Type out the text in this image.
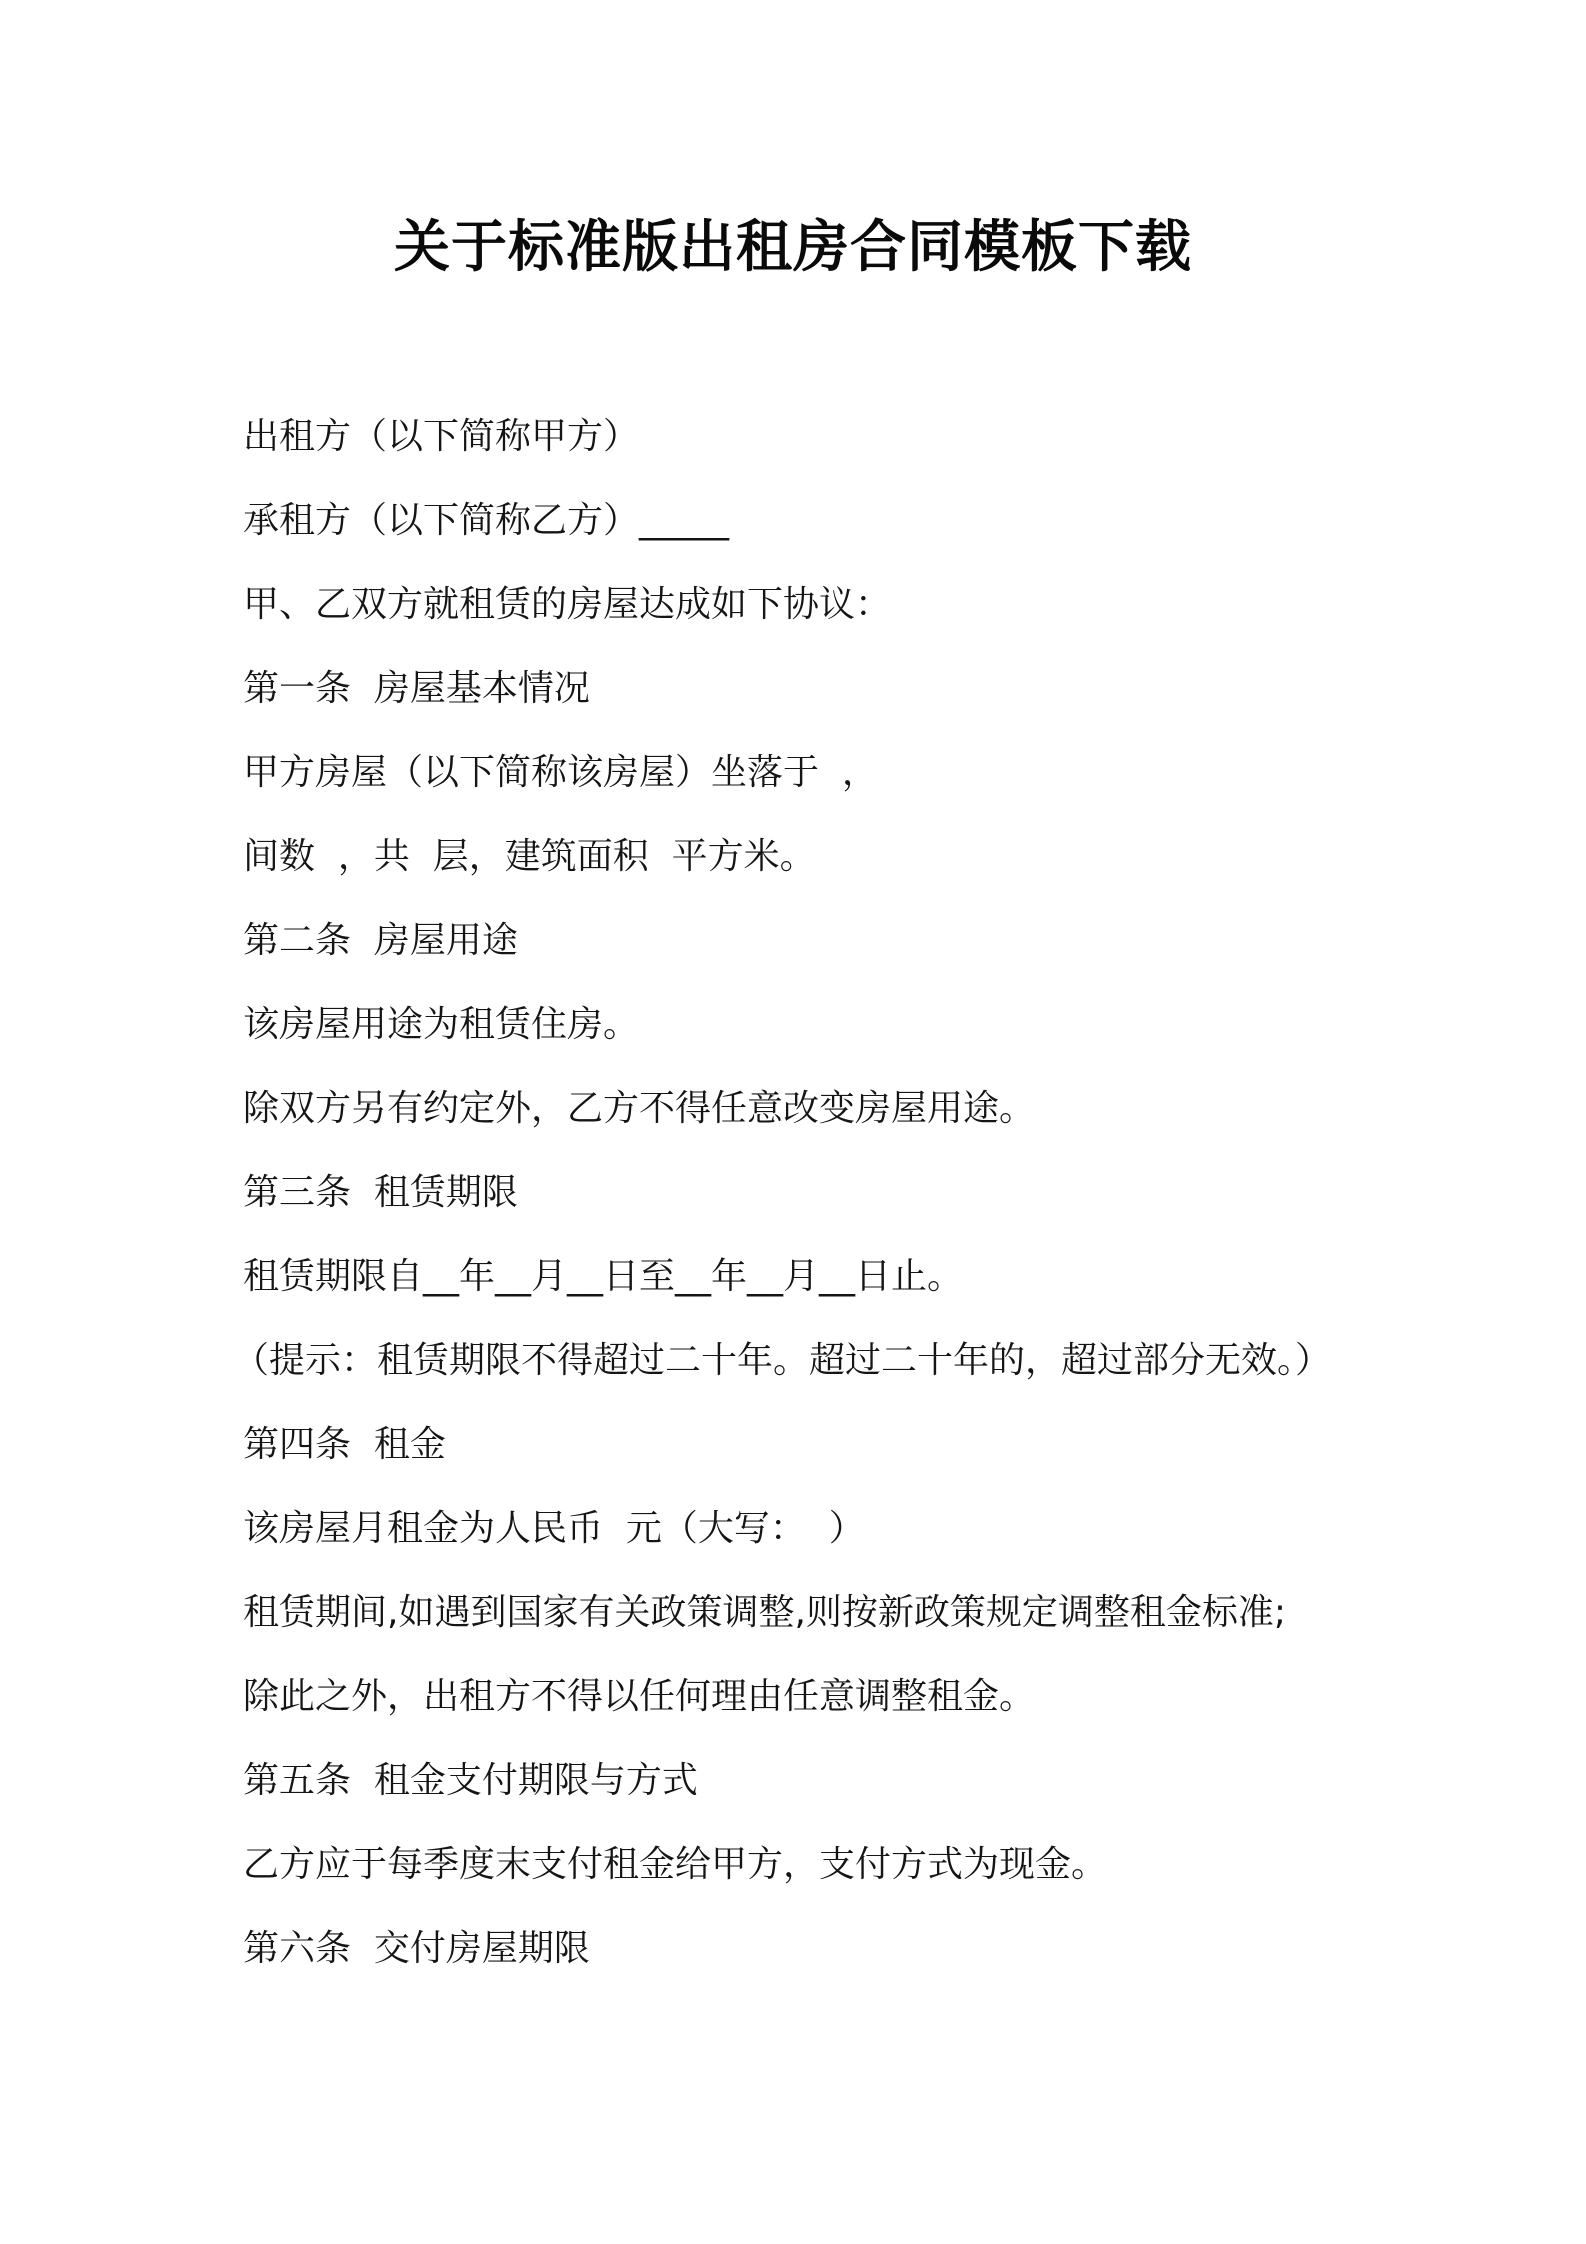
关于标准版出租房合同模板下载
出租方（以下简称甲方）
承租方（以下简称乙方）_____
甲、乙双方就租赁的房屋达成如下协议：
第一条  房屋基本情况
甲方房屋（以下简称该房屋）坐落于  ，
间数  ，共  层，建筑面积  平方米。
第二条  房屋用途
该房屋用途为租赁住房。
除双方另有约定外，乙方不得任意改变房屋用途。
第三条  租赁期限
租赁期限自__年__月__日至__年__月__日止。
（提示：租赁期限不得超过二十年。超过二十年的，超过部分无效。）
第四条  租金
该房屋月租金为人民币  元（大写：  ）
租赁期间,如遇到国家有关政策调整,则按新政策规定调整租金标准;
除此之外，出租方不得以任何理由任意调整租金。
第五条  租金支付期限与方式
乙方应于每季度末支付租金给甲方，支付方式为现金。
第六条  交付房屋期限
